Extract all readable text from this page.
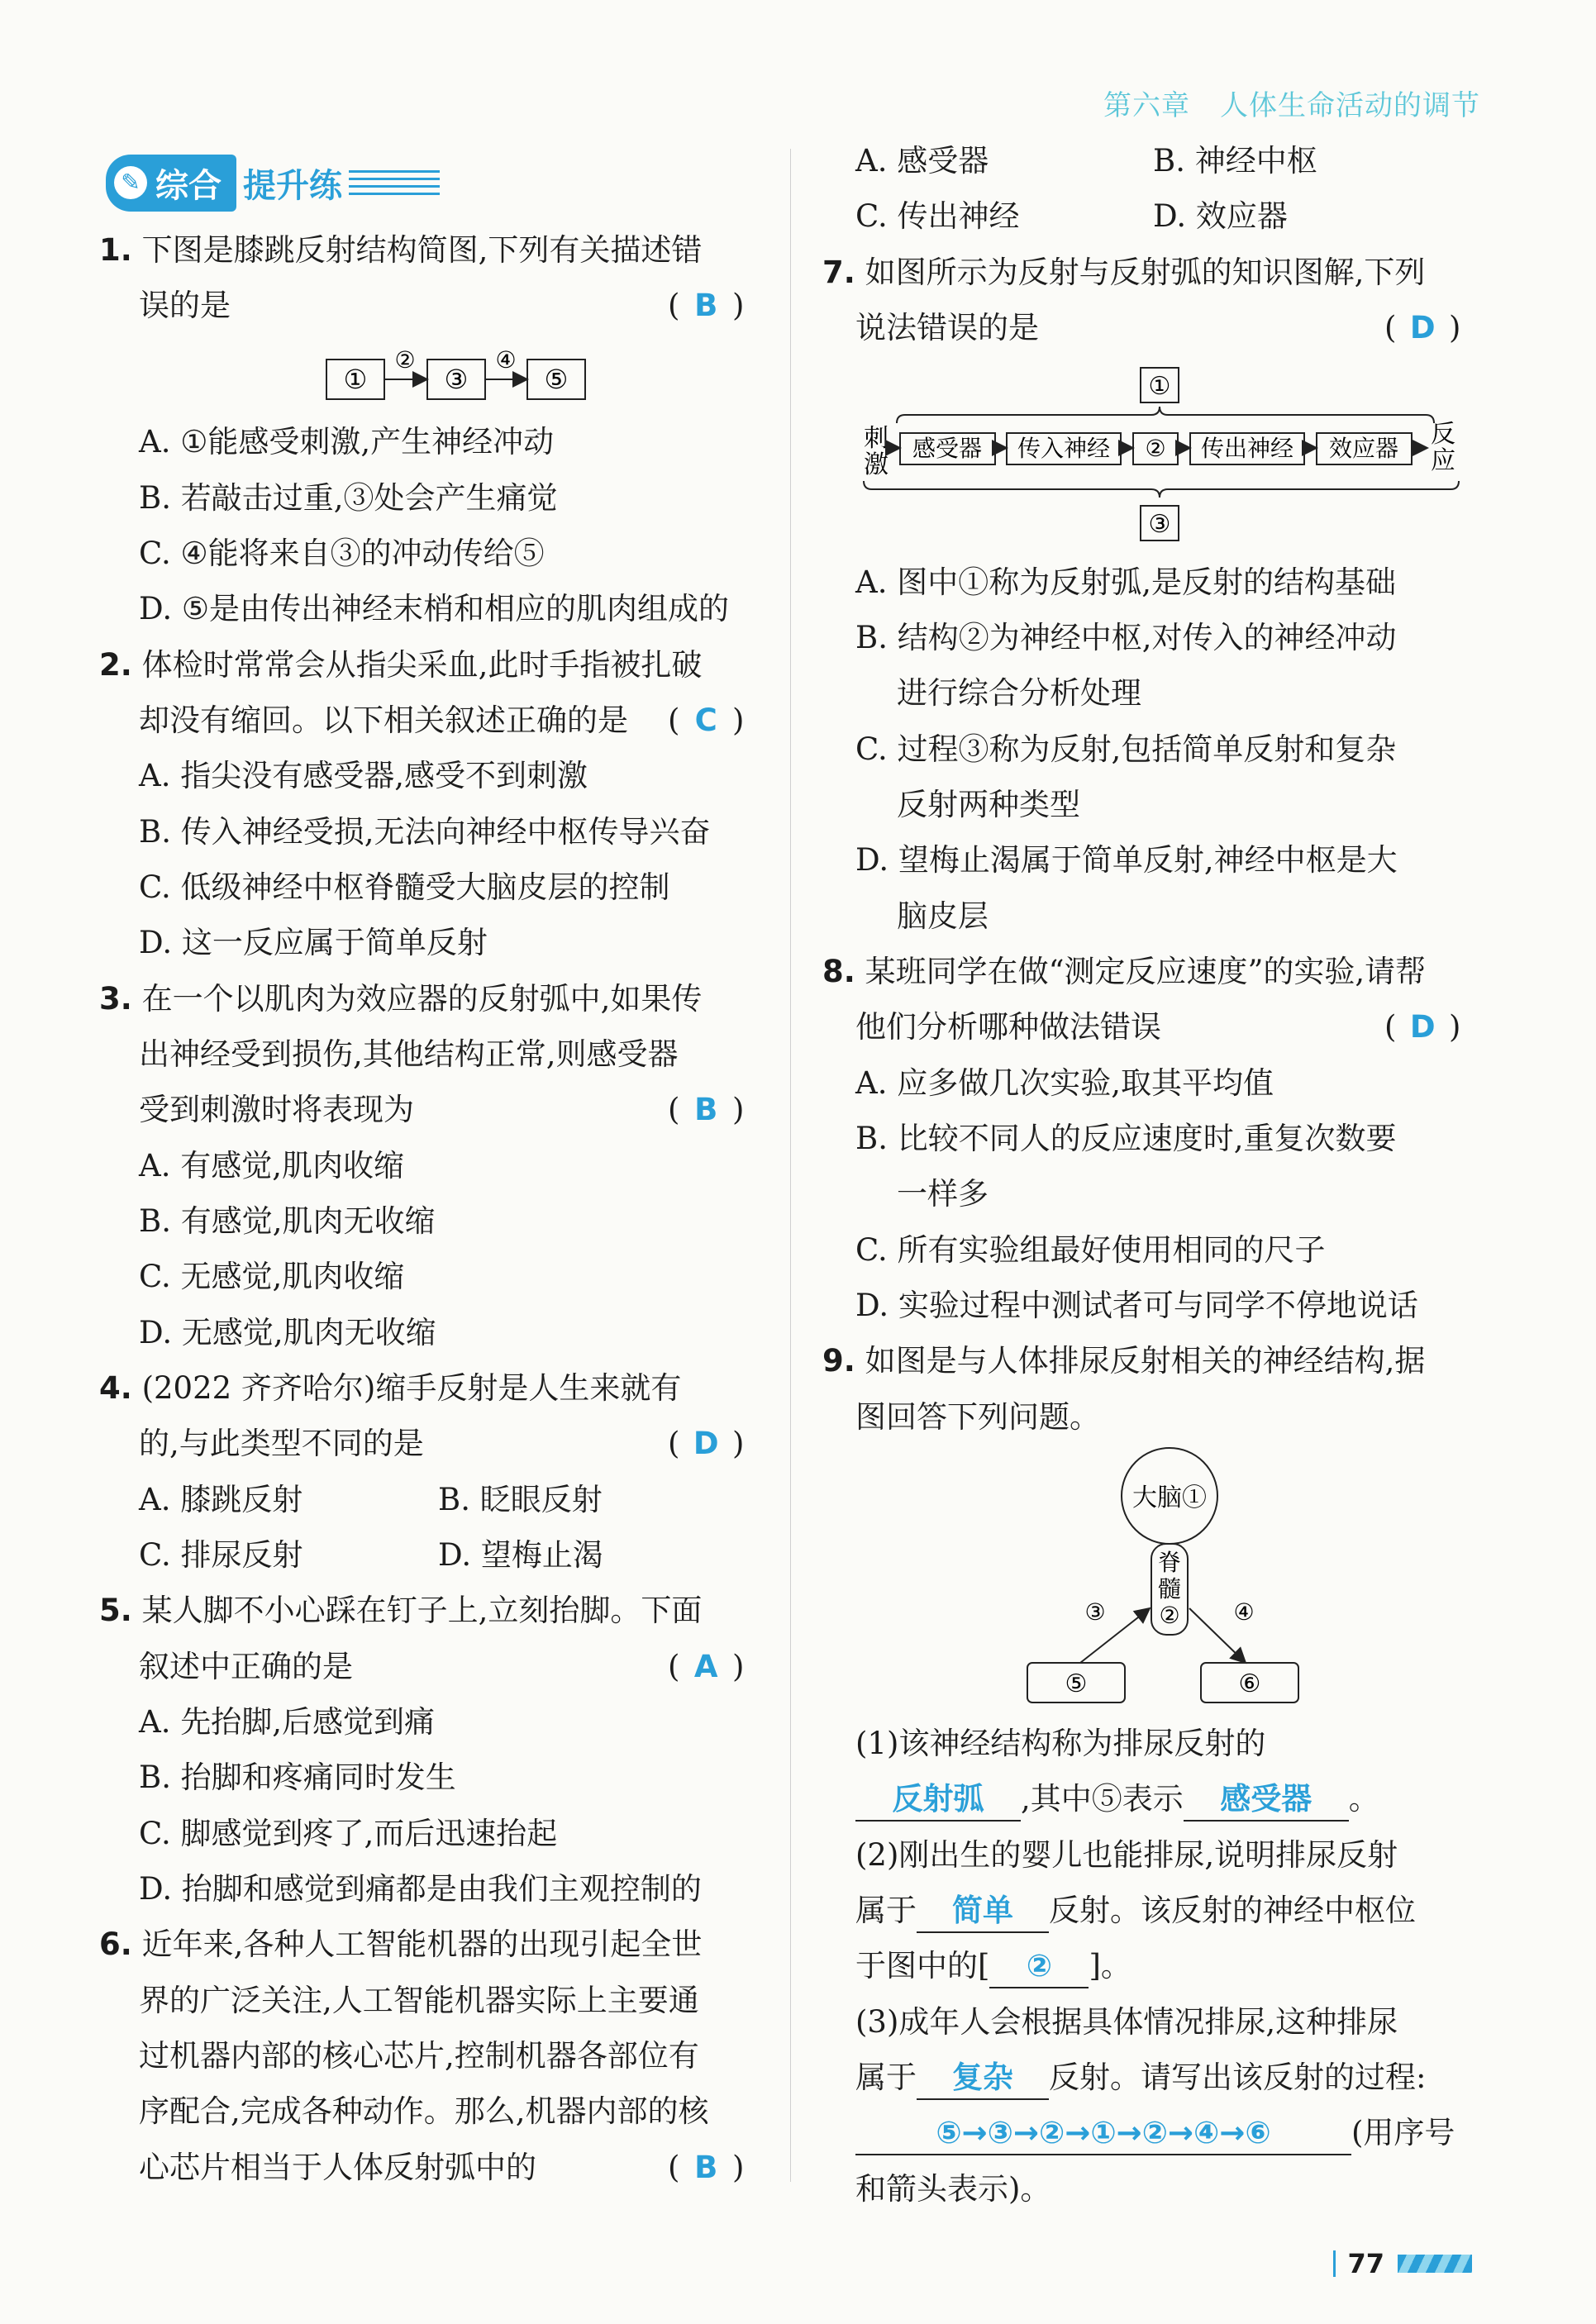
第六章 人体生命活动的调节
✎ 综合 提升练
1. 下图是膝跳反射结构简图,下列有关描述错
误的是	( B )
①
②
③
④
⑤
A. ①能感受刺激,产生神经冲动
B. 若敲击过重,③处会产生痛觉
C. ④能将来自③的冲动传给⑤
D. ⑤是由传出神经末梢和相应的肌肉组成的
2. 体检时常常会从指尖采血,此时手指被扎破
却没有缩回。以下相关叙述正确的是 ( C )
A. 指尖没有感受器,感受不到刺激
B. 传入神经受损,无法向神经中枢传导兴奋
C. 低级神经中枢脊髓受大脑皮层的控制
D. 这一反应属于简单反射
3. 在一个以肌肉为效应器的反射弧中,如果传
出神经受到损伤,其他结构正常,则感受器
受到刺激时将表现为	( B )
A. 有感觉,肌肉收缩
B. 有感觉,肌肉无收缩
C. 无感觉,肌肉收缩
D. 无感觉,肌肉无收缩
4. (2022 齐齐哈尔)缩手反射是人生来就有
的,与此类型不同的是	( D )
A. 膝跳反射	B. 眨眼反射
C. 排尿反射	D. 望梅止渴
5. 某人脚不小心踩在钉子上,立刻抬脚。下面
叙述中正确的是	( A )
A. 先抬脚,后感觉到痛
B. 抬脚和疼痛同时发生
C. 脚感觉到疼了,而后迅速抬起
D. 抬脚和感觉到痛都是由我们主观控制的
6. 近年来,各种人工智能机器的出现引起全世
界的广泛关注,人工智能机器实际上主要通
过机器内部的核心芯片,控制机器各部位有
序配合,完成各种动作。那么,机器内部的核
心芯片相当于人体反射弧中的	( B )
A. 感受器	B. 神经中枢
C. 传出神经	D. 效应器
7. 如图所示为反射与反射弧的知识图解,下列
说法错误的是	( D )
①
刺
激
感受器 传入神经 ② 传出神经 效应器 反
应
③
A. 图中①称为反射弧,是反射的结构基础
B. 结构②为神经中枢,对传入的神经冲动
进行综合分析处理
C. 过程③称为反射,包括简单反射和复杂
反射两种类型
D. 望梅止渴属于简单反射,神经中枢是大
脑皮层
8. 某班同学在做“测定反应速度”的实验,请帮
他们分析哪种做法错误	( D )
A. 应多做几次实验,取其平均值
B. 比较不同人的反应速度时,重复次数要
一样多
C. 所有实验组最好使用相同的尺子
D. 实验过程中测试者可与同学不停地说话
9. 如图是与人体排尿反射相关的神经结构,据
图回答下列问题。
大脑①
脊
髓
②
③	④
⑤	⑥
(1)该神经结构称为排尿反射的
反射弧 ,其中⑤表示 感受器 。
(2)刚出生的婴儿也能排尿,说明排尿反射
属于 简单 反射。该反射的神经中枢位
于图中的[ ② ]。
(3)成年人会根据具体情况排尿,这种排尿
属于 复杂 反射。请写出该反射的过程:
⑤→③→②→①→②→④→⑥	(用序号
和箭头表示)。
77
